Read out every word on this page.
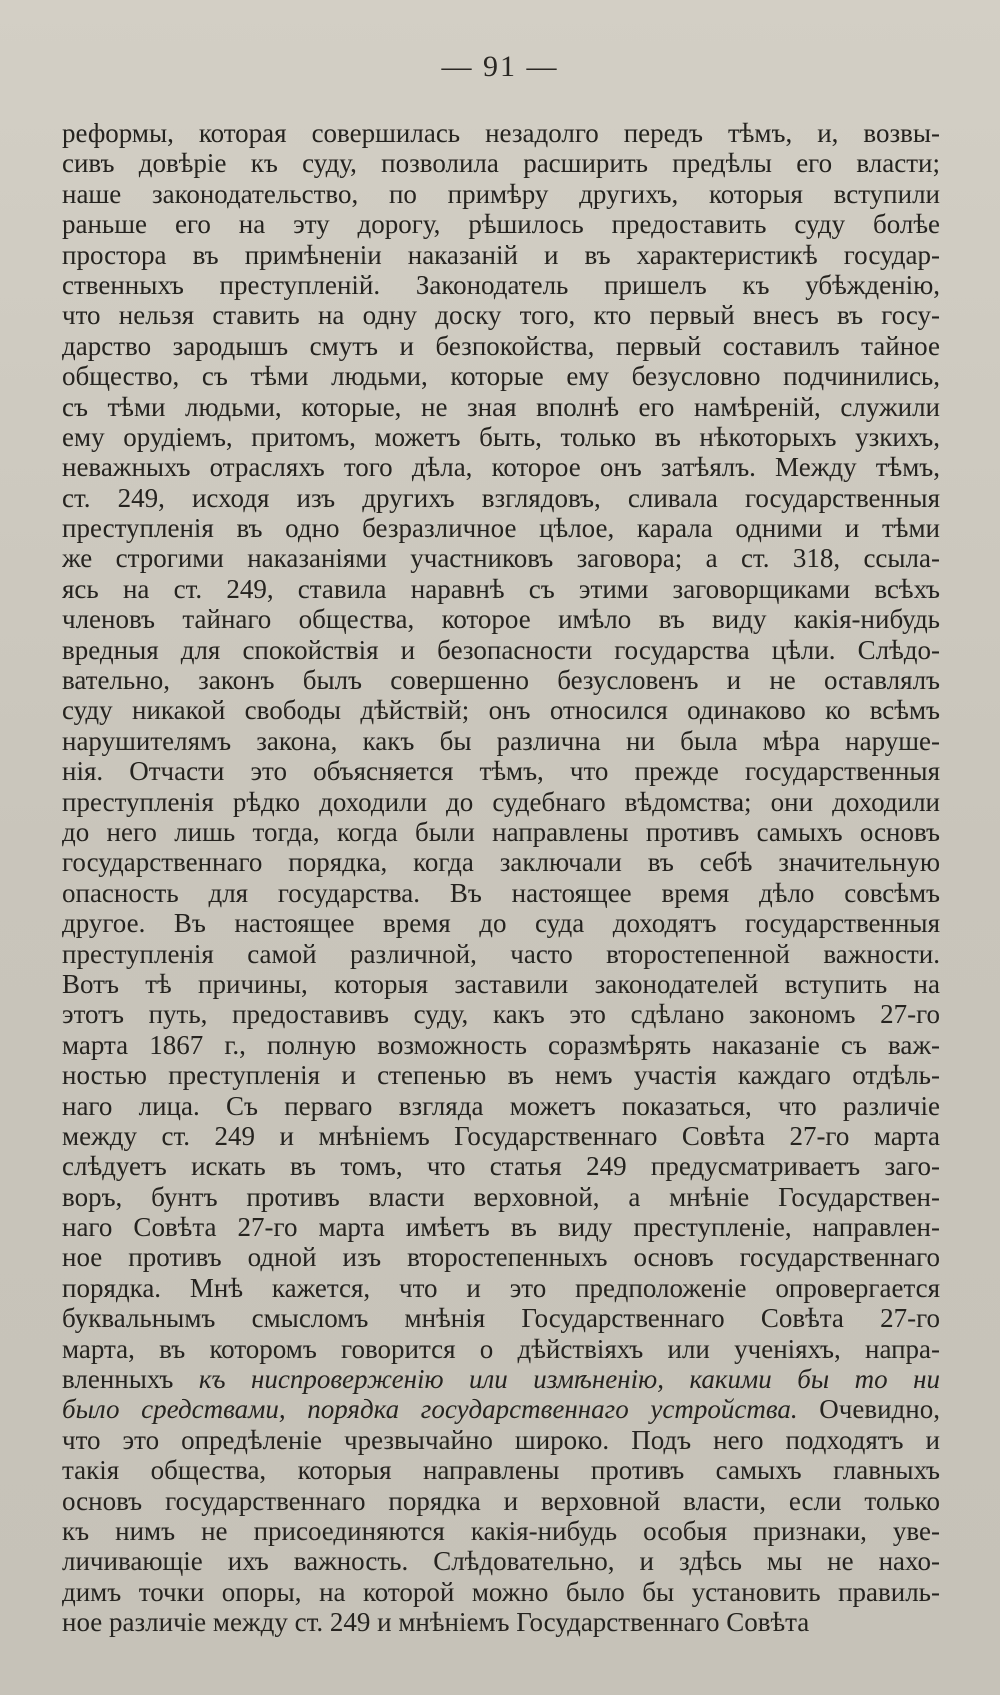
— 91 —
реформы, которая совершилась незадолго передъ тѣмъ, и, возвы-
сивъ довѣріе къ суду, позволила расширить предѣлы его власти;
наше законодательство, по примѣру другихъ, которыя вступили
раньше его на эту дорогу, рѣшилось предоставить суду болѣе
простора въ примѣненіи наказаній и въ характеристикѣ государ-
ственныхъ преступленій. Законодатель пришелъ къ убѣжденію,
что нельзя ставить на одну доску того, кто первый внесъ въ госу-
дарство зародышъ смутъ и безпокойства, первый составилъ тайное
общество, съ тѣми людьми, которые ему безусловно подчинились,
съ тѣми людьми, которые, не зная вполнѣ его намѣреній, служили
ему орудіемъ, притомъ, можетъ быть, только въ нѣкоторыхъ узкихъ,
неважныхъ отрасляхъ того дѣла, которое онъ затѣялъ. Между тѣмъ,
ст. 249, исходя изъ другихъ взглядовъ, сливала государственныя
преступленія въ одно безразличное цѣлое, карала одними и тѣми
же строгими наказаніями участниковъ заговора; а ст. 318, ссыла-
ясь на ст. 249, ставила наравнѣ съ этими заговорщиками всѣхъ
членовъ тайнаго общества, которое имѣло въ виду какія-нибудь
вредныя для спокойствія и безопасности государства цѣли. Слѣдо-
вательно, законъ былъ совершенно безусловенъ и не оставлялъ
суду никакой свободы дѣйствій; онъ относился одинаково ко всѣмъ
нарушителямъ закона, какъ бы различна ни была мѣра наруше-
нія. Отчасти это объясняется тѣмъ, что прежде государственныя
преступленія рѣдко доходили до судебнаго вѣдомства; они доходили
до него лишь тогда, когда были направлены противъ самыхъ основъ
государственнаго порядка, когда заключали въ себѣ значительную
опасность для государства. Въ настоящее время дѣло совсѣмъ
другое. Въ настоящее время до суда доходятъ государственныя
преступленія самой различной, часто второстепенной важности.
Вотъ тѣ причины, которыя заставили законодателей вступить на
этотъ путь, предоставивъ суду, какъ это сдѣлано закономъ 27-го
марта 1867 г., полную возможность соразмѣрять наказаніе съ важ-
ностью преступленія и степенью въ немъ участія каждаго отдѣль-
наго лица. Съ перваго взгляда можетъ показаться, что различіе
между ст. 249 и мнѣніемъ Государственнаго Совѣта 27-го марта
слѣдуетъ искать въ томъ, что статья 249 предусматриваетъ заго-
воръ, бунтъ противъ власти верховной, а мнѣніе Государствен-
наго Совѣта 27-го марта имѣетъ въ виду преступленіе, направлен-
ное противъ одной изъ второстепенныхъ основъ государственнаго
порядка. Мнѣ кажется, что и это предположеніе опровергается
буквальнымъ смысломъ мнѣнія Государственнаго Совѣта 27-го
марта, въ которомъ говорится о дѣйствіяхъ или ученіяхъ, напра-
вленныхъ къ ниспроверженію или измѣненію, какими бы то ни
было средствами, порядка государственнаго устройства. Очевидно,
что это опредѣленіе чрезвычайно широко. Подъ него подходятъ и
такія общества, которыя направлены противъ самыхъ главныхъ
основъ государственнаго порядка и верховной власти, если только
къ нимъ не присоединяются какія-нибудь особыя признаки, уве-
личивающіе ихъ важность. Слѣдовательно, и здѣсь мы не нахо-
димъ точки опоры, на которой можно было бы установить правиль-
ное различіе между ст. 249 и мнѣніемъ Государственнаго Совѣта
